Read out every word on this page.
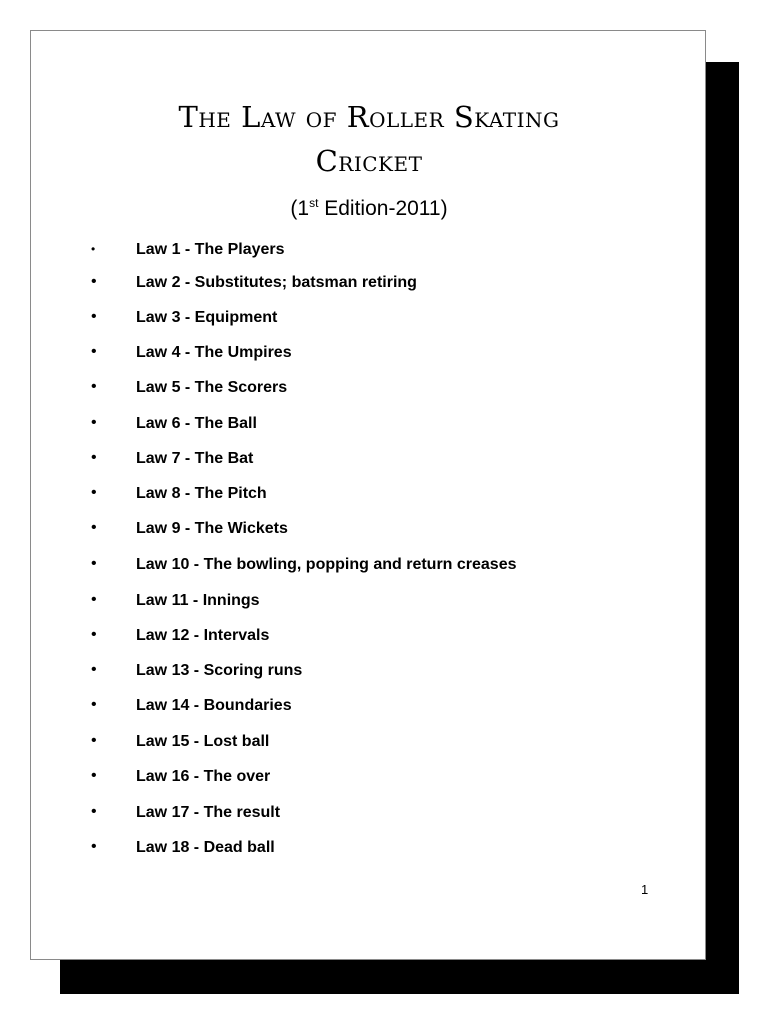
The Law of Roller Skating
Cricket
(1st Edition-2011)
•	Law 1 - The Players
• Law 2 - Substitutes; batsman retiring
• Law 3 - Equipment
• Law 4 - The Umpires
• Law 5 - The Scorers
• Law 6 - The Ball
• Law 7 - The Bat
• Law 8 - The Pitch
• Law 9 - The Wickets
• Law 10 - The bowling, popping and return creases
• Law 11 - Innings
• Law 12 - Intervals
• Law 13 - Scoring runs
• Law 14 - Boundaries
• Law 15 - Lost ball
• Law 16 - The over
• Law 17 - The result
• Law 18 - Dead ball
1
